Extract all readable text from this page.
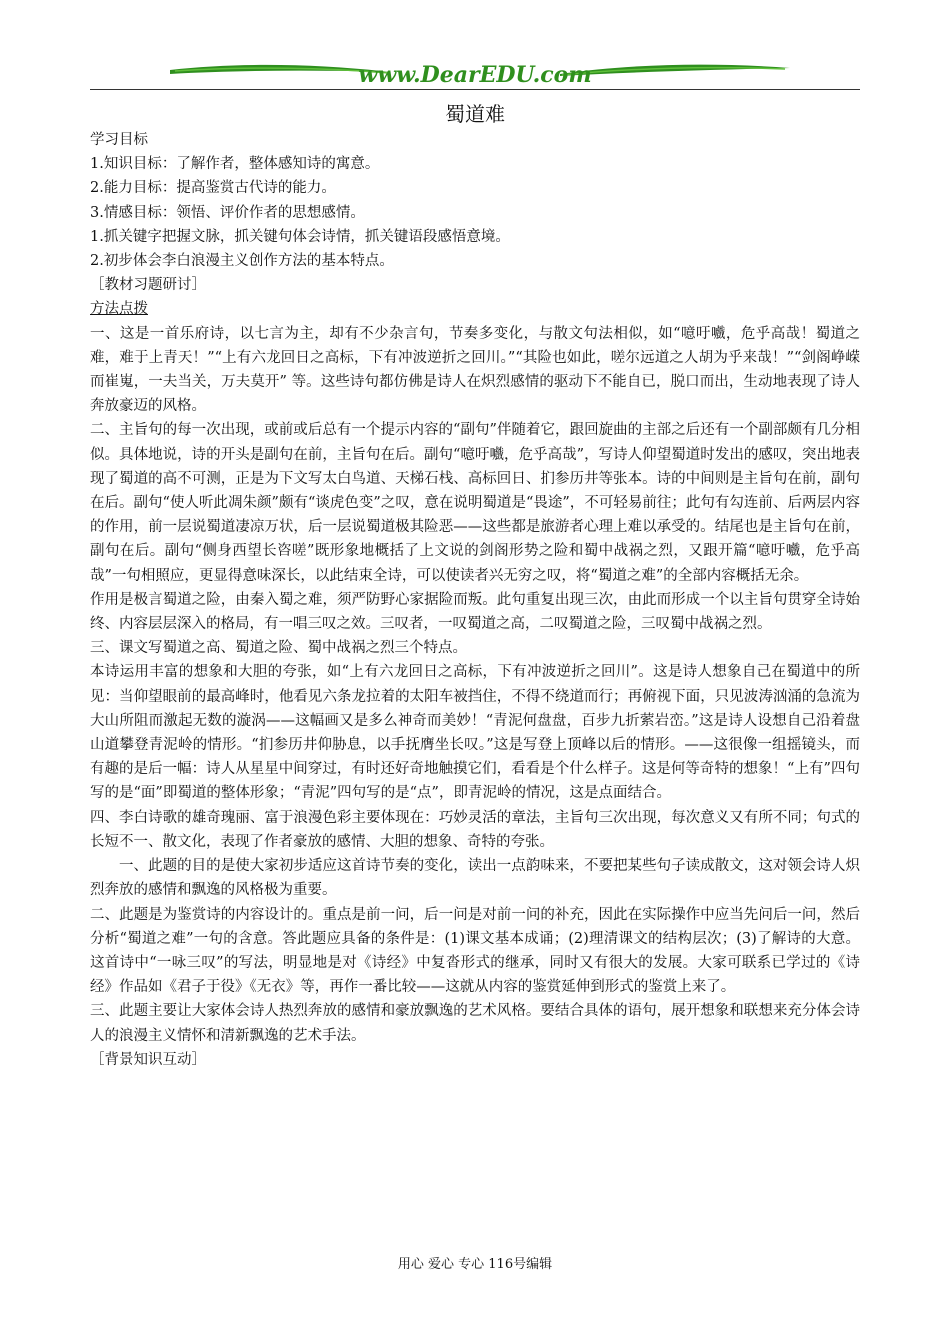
www.DearEDU.com
蜀道难

学习目标

1.知识目标：了解作者，整体感知诗的寓意。

2.能力目标：提高鉴赏古代诗的能力。

3.情感目标：领悟、评价作者的思想感情。

1.抓关键字把握文脉，抓关键句体会诗情，抓关键语段感悟意境。

2.初步体会李白浪漫主义创作方法的基本特点。

［教材习题研讨］

方法点拨

一、这是一首乐府诗，以七言为主，却有不少杂言句，节奏多变化，与散文句法相似，如“噫吁嚱，危乎高哉！蜀道之难，难于上青天！”“上有六龙回日之高标，下有冲波逆折之回川。”“其险也如此，嗟尔远道之人胡为乎来哉！”“剑阁峥嵘而崔嵬，一夫当关，万夫莫开” 等。这些诗句都仿佛是诗人在炽烈感情的驱动下不能自已，脱口而出，生动地表现了诗人奔放豪迈的风格。

二、主旨句的每一次出现，或前或后总有一个提示内容的“副句”伴随着它，跟回旋曲的主部之后还有一个副部颇有几分相似。具体地说，诗的开头是副句在前，主旨句在后。副句“噫吁嚱，危乎高哉”，写诗人仰望蜀道时发出的感叹，突出地表现了蜀道的高不可测，正是为下文写太白鸟道、天梯石栈、高标回日、扪参历井等张本。诗的中间则是主旨句在前，副句在后。副句“使人听此凋朱颜”颇有“谈虎色变”之叹，意在说明蜀道是“畏途”，不可轻易前往；此句有勾连前、后两层内容的作用，前一层说蜀道凄凉万状，后一层说蜀道极其险恶——这些都是旅游者心理上难以承受的。结尾也是主旨句在前，副句在后。副句“侧身西望长咨嗟”既形象地概括了上文说的剑阁形势之险和蜀中战祸之烈，又跟开篇“噫吁嚱，危乎高哉”一句相照应，更显得意味深长，以此结束全诗，可以使读者兴无穷之叹，将“蜀道之难”的全部内容概括无余。

作用是极言蜀道之险，由秦入蜀之难，须严防野心家据险而叛。此句重复出现三次，由此而形成一个以主旨句贯穿全诗始终、内容层层深入的格局，有一唱三叹之效。三叹者，一叹蜀道之高，二叹蜀道之险，三叹蜀中战祸之烈。

三、课文写蜀道之高、蜀道之险、蜀中战祸之烈三个特点。

本诗运用丰富的想象和大胆的夸张，如“上有六龙回日之高标，下有冲波逆折之回川”。这是诗人想象自己在蜀道中的所见：当仰望眼前的最高峰时，他看见六条龙拉着的太阳车被挡住，不得不绕道而行；再俯视下面，只见波涛汹涌的急流为大山所阻而激起无数的漩涡——这幅画又是多么神奇而美妙！“青泥何盘盘，百步九折萦岩峦。”这是诗人设想自己沿着盘山道攀登青泥岭的情形。“扪参历井仰胁息，以手抚膺坐长叹。”这是写登上顶峰以后的情形。——这很像一组摇镜头，而有趣的是后一幅：诗人从星星中间穿过，有时还好奇地触摸它们，看看是个什么样子。这是何等奇特的想象！“上有”四句写的是“面”即蜀道的整体形象；“青泥”四句写的是“点”，即青泥岭的情况，这是点面结合。

四、李白诗歌的雄奇瑰丽、富于浪漫色彩主要体现在：巧妙灵活的章法，主旨句三次出现，每次意义又有所不同；句式的长短不一、散文化，表现了作者豪放的感情、大胆的想象、奇特的夸张。

一、此题的目的是使大家初步适应这首诗节奏的变化，读出一点韵味来，不要把某些句子读成散文，这对领会诗人炽烈奔放的感情和飘逸的风格极为重要。

二、此题是为鉴赏诗的内容设计的。重点是前一问，后一问是对前一问的补充，因此在实际操作中应当先问后一问，然后分析“蜀道之难”一句的含意。答此题应具备的条件是：(1)课文基本成诵；(2)理清课文的结构层次；(3)了解诗的大意。这首诗中“一咏三叹”的写法，明显地是对《诗经》中复沓形式的继承，同时又有很大的发展。大家可联系已学过的《诗经》作品如《君子于役》《无衣》等，再作一番比较——这就从内容的鉴赏延伸到形式的鉴赏上来了。

三、此题主要让大家体会诗人热烈奔放的感情和豪放飘逸的艺术风格。要结合具体的语句，展开想象和联想来充分体会诗人的浪漫主义情怀和清新飘逸的艺术手法。

［背景知识互动］

用心 爱心 专心 116号编辑
